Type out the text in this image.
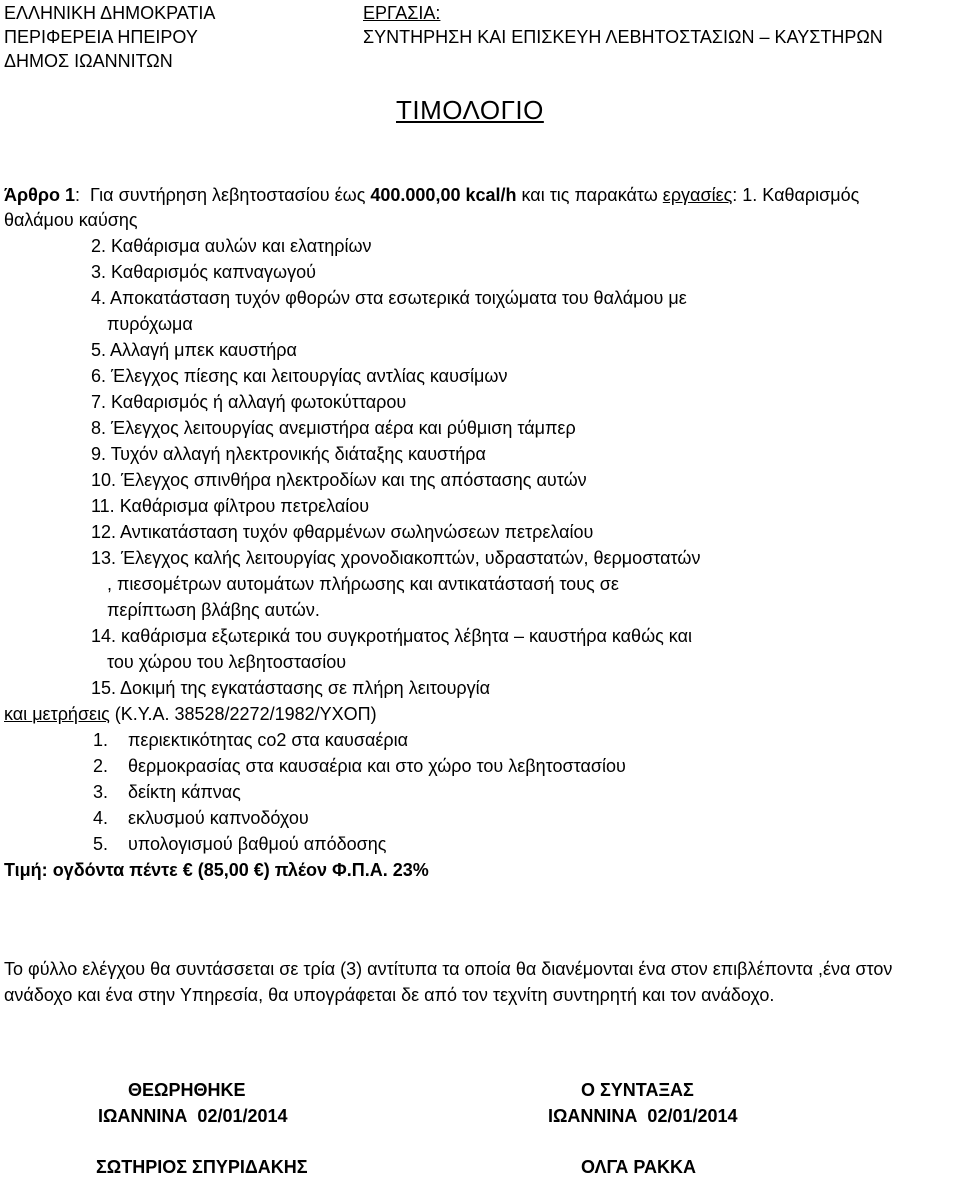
ΕΛΛΗΝΙΚΗ ΔΗΜΟΚΡΑΤΙΑ
ΠΕΡΙΦΕΡΕΙΑ ΗΠΕΙΡΟΥ
ΔΗΜΟΣ ΙΩΑΝΝΙΤΩΝ
ΕΡΓΑΣΙΑ:
ΣΥΝΤΗΡΗΣΗ ΚΑΙ ΕΠΙΣΚΕΥΗ ΛΕΒΗΤΟΣΤΑΣΙΩΝ – ΚΑΥΣΤΗΡΩΝ
ΤΙΜΟΛΟΓΙΟ
Άρθρο 1:  Για συντήρηση λεβητοστασίου έως 400.000,00 kcal/h και τις παρακάτω εργασίες: 1. Καθαρισμός
θαλάμου καύσης
2. Καθάρισμα αυλών και ελατηρίων
3. Καθαρισμός καπναγωγού
4. Αποκατάσταση τυχόν φθορών στα εσωτερικά τοιχώματα του θαλάμου με
πυρόχωμα
5. Αλλαγή μπεκ καυστήρα
6. Έλεγχος πίεσης και λειτουργίας αντλίας καυσίμων
7. Καθαρισμός ή αλλαγή φωτοκύτταρου
8. Έλεγχος λειτουργίας ανεμιστήρα αέρα και ρύθμιση τάμπερ
9. Τυχόν αλλαγή ηλεκτρονικής διάταξης καυστήρα
10. Έλεγχος σπινθήρα ηλεκτροδίων και της απόστασης αυτών
11. Καθάρισμα φίλτρου πετρελαίου
12. Αντικατάσταση τυχόν φθαρμένων σωληνώσεων πετρελαίου
13. Έλεγχος καλής λειτουργίας χρονοδιακοπτών, υδραστατών, θερμοστατών
, πιεσομέτρων αυτομάτων πλήρωσης και αντικατάστασή τους σε
περίπτωση βλάβης αυτών.
14. καθάρισμα εξωτερικά του συγκροτήματος λέβητα – καυστήρα καθώς και
του χώρου του λεβητοστασίου
15. Δοκιμή της εγκατάστασης σε πλήρη λειτουργία
και μετρήσεις (Κ.Υ.Α. 38528/2272/1982/ΥΧΟΠ)
1. περιεκτικότητας co2 στα καυσαέρια
2. θερμοκρασίας στα καυσαέρια και στο χώρο του λεβητοστασίου
3. δείκτη κάπνας
4. εκλυσμού καπνοδόχου
5. υπολογισμού βαθμού απόδοσης
Τιμή: ογδόντα πέντε € (85,00 €) πλέον Φ.Π.Α. 23%
Το φύλλο ελέγχου θα συντάσσεται σε τρία (3) αντίτυπα τα οποία θα διανέμονται ένα στον επιβλέποντα ,ένα στον
ανάδοχο και ένα στην Υπηρεσία, θα υπογράφεται δε από τον τεχνίτη συντηρητή και τον ανάδοχο.
ΘΕΩΡΗΘΗΚΕ
ΙΩΑΝΝΙΝΑ  02/01/2014
ΣΩΤΗΡΙΟΣ ΣΠΥΡΙΔΑΚΗΣ
Ο ΣΥΝΤΑΞΑΣ
ΙΩΑΝΝΙΝΑ  02/01/2014
ΟΛΓΑ ΡΑΚΚΑ
